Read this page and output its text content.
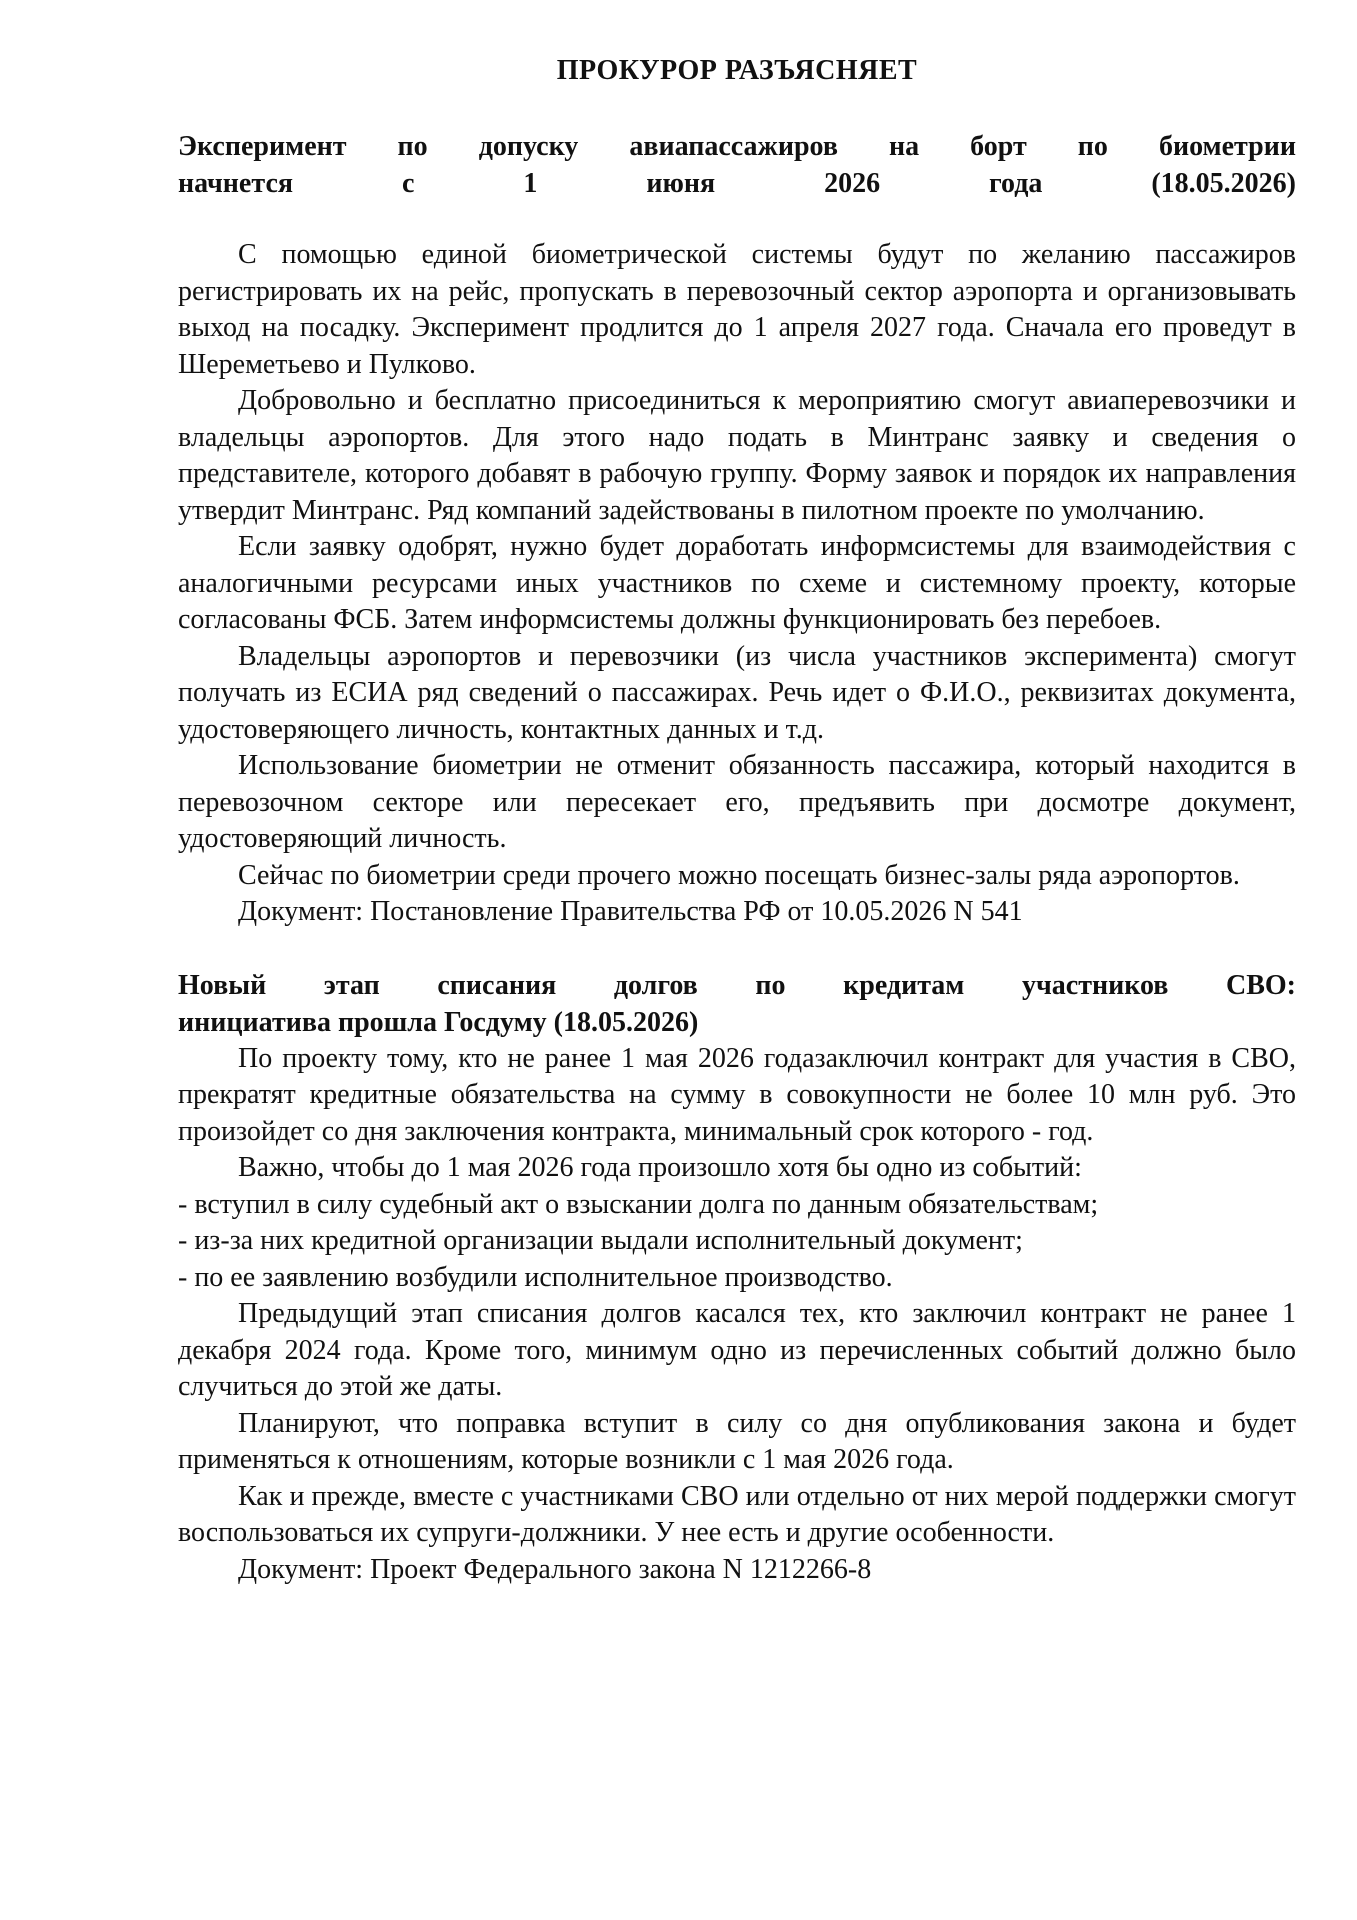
ПРОКУРОР РАЗЪЯСНЯЕТ
Эксперимент по допуску авиапассажиров на борт по биометрии
начнется с 1 июня 2026 года (18.05.2026)

С помощью единой биометрической системы будут по желанию пассажиров регистрировать их на рейс, пропускать в перевозочный сектор аэропорта и организовывать выход на посадку. Эксперимент продлится до 1 апреля 2027 года. Сначала его проведут в Шереметьево и Пулково.

Добровольно и бесплатно присоединиться к мероприятию смогут авиаперевозчики и владельцы аэропортов. Для этого надо подать в Минтранс заявку и сведения о представителе, которого добавят в рабочую группу. Форму заявок и порядок их направления утвердит Минтранс. Ряд компаний задействованы в пилотном проекте по умолчанию.

Если заявку одобрят, нужно будет доработать информсистемы для взаимодействия с аналогичными ресурсами иных участников по схеме и системному проекту, которые согласованы ФСБ. Затем информсистемы должны функционировать без перебоев.

Владельцы аэропортов и перевозчики (из числа участников эксперимента) смогут получать из ЕСИА ряд сведений о пассажирах. Речь идет о Ф.И.О., реквизитах документа, удостоверяющего личность, контактных данных и т.д.

Использование биометрии не отменит обязанность пассажира, который находится в перевозочном секторе или пересекает его, предъявить при досмотре документ, удостоверяющий личность.

Сейчас по биометрии среди прочего можно посещать бизнес-залы ряда аэропортов.

Документ: Постановление Правительства РФ от 10.05.2026 N 541

Новый этап списания долгов по кредитам участников СВО:
инициатива прошла Госдуму (18.05.2026)

По проекту тому, кто не ранее 1 мая 2026 годазаключил контракт для участия в СВО, прекратят кредитные обязательства на сумму в совокупности не более 10 млн руб. Это произойдет со дня заключения контракта, минимальный срок которого - год.

Важно, чтобы до 1 мая 2026 года произошло хотя бы одно из событий:

- вступил в силу судебный акт о взыскании долга по данным обязательствам;

- из-за них кредитной организации выдали исполнительный документ;

- по ее заявлению возбудили исполнительное производство.

Предыдущий этап списания долгов касался тех, кто заключил контракт не ранее 1 декабря 2024 года. Кроме того, минимум одно из перечисленных событий должно было случиться до этой же даты.

Планируют, что поправка вступит в силу со дня опубликования закона и будет применяться к отношениям, которые возникли с 1 мая 2026 года.

Как и прежде, вместе с участниками СВО или отдельно от них мерой поддержки смогут воспользоваться их супруги-должники. У нее есть и другие особенности.

Документ: Проект Федерального закона N 1212266-8
